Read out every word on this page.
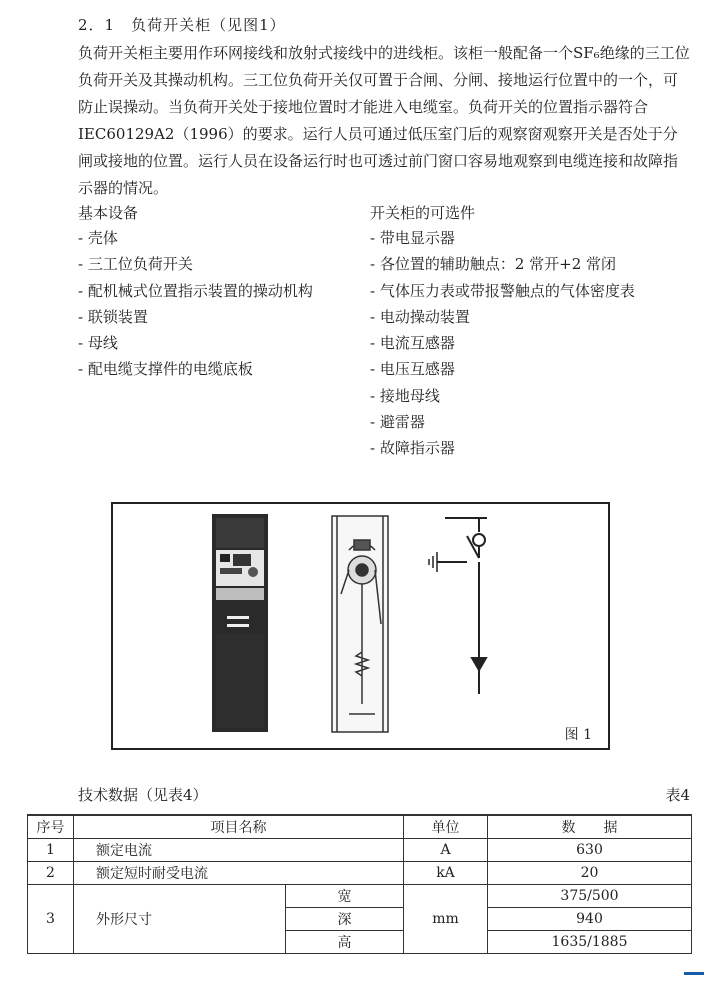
2．1　负荷开关柜（见图1）
负荷开关柜主要用作环网接线和放射式接线中的进线柜。该柜一般配备一个SF₆绝缘的三工位负荷开关及其操动机构。三工位负荷开关仅可置于合闸、分闸、接地运行位置中的一个，可防止误操动。当负荷开关处于接地位置时才能进入电缆室。负荷开关的位置指示器符合IEC60129A2（1996）的要求。运行人员可通过低压室门后的观察窗观察开关是否处于分闸或接地的位置。运行人员在设备运行时也可透过前门窗口容易地观察到电缆连接和故障指示器的情况。
基本设备
- 壳体
- 三工位负荷开关
- 配机械式位置指示装置的操动机构
- 联锁装置
- 母线
- 配电缆支撑件的电缆底板
开关柜的可选件
- 带电显示器
- 各位置的辅助触点：2 常开+2 常闭
- 气体压力表或带报警触点的气体密度表
- 电动操动装置
- 电流互感器
- 电压互感器
- 接地母线
- 避雷器
- 故障指示器
图 1
技术数据（见表4）	表4
序号	项目名称		单位	数　　据
1	额定电流		A	630
2	额定短时耐受电流		kA	20
3	外形尺寸	宽	mm	375/500
		深		940
		高		1635/1885
